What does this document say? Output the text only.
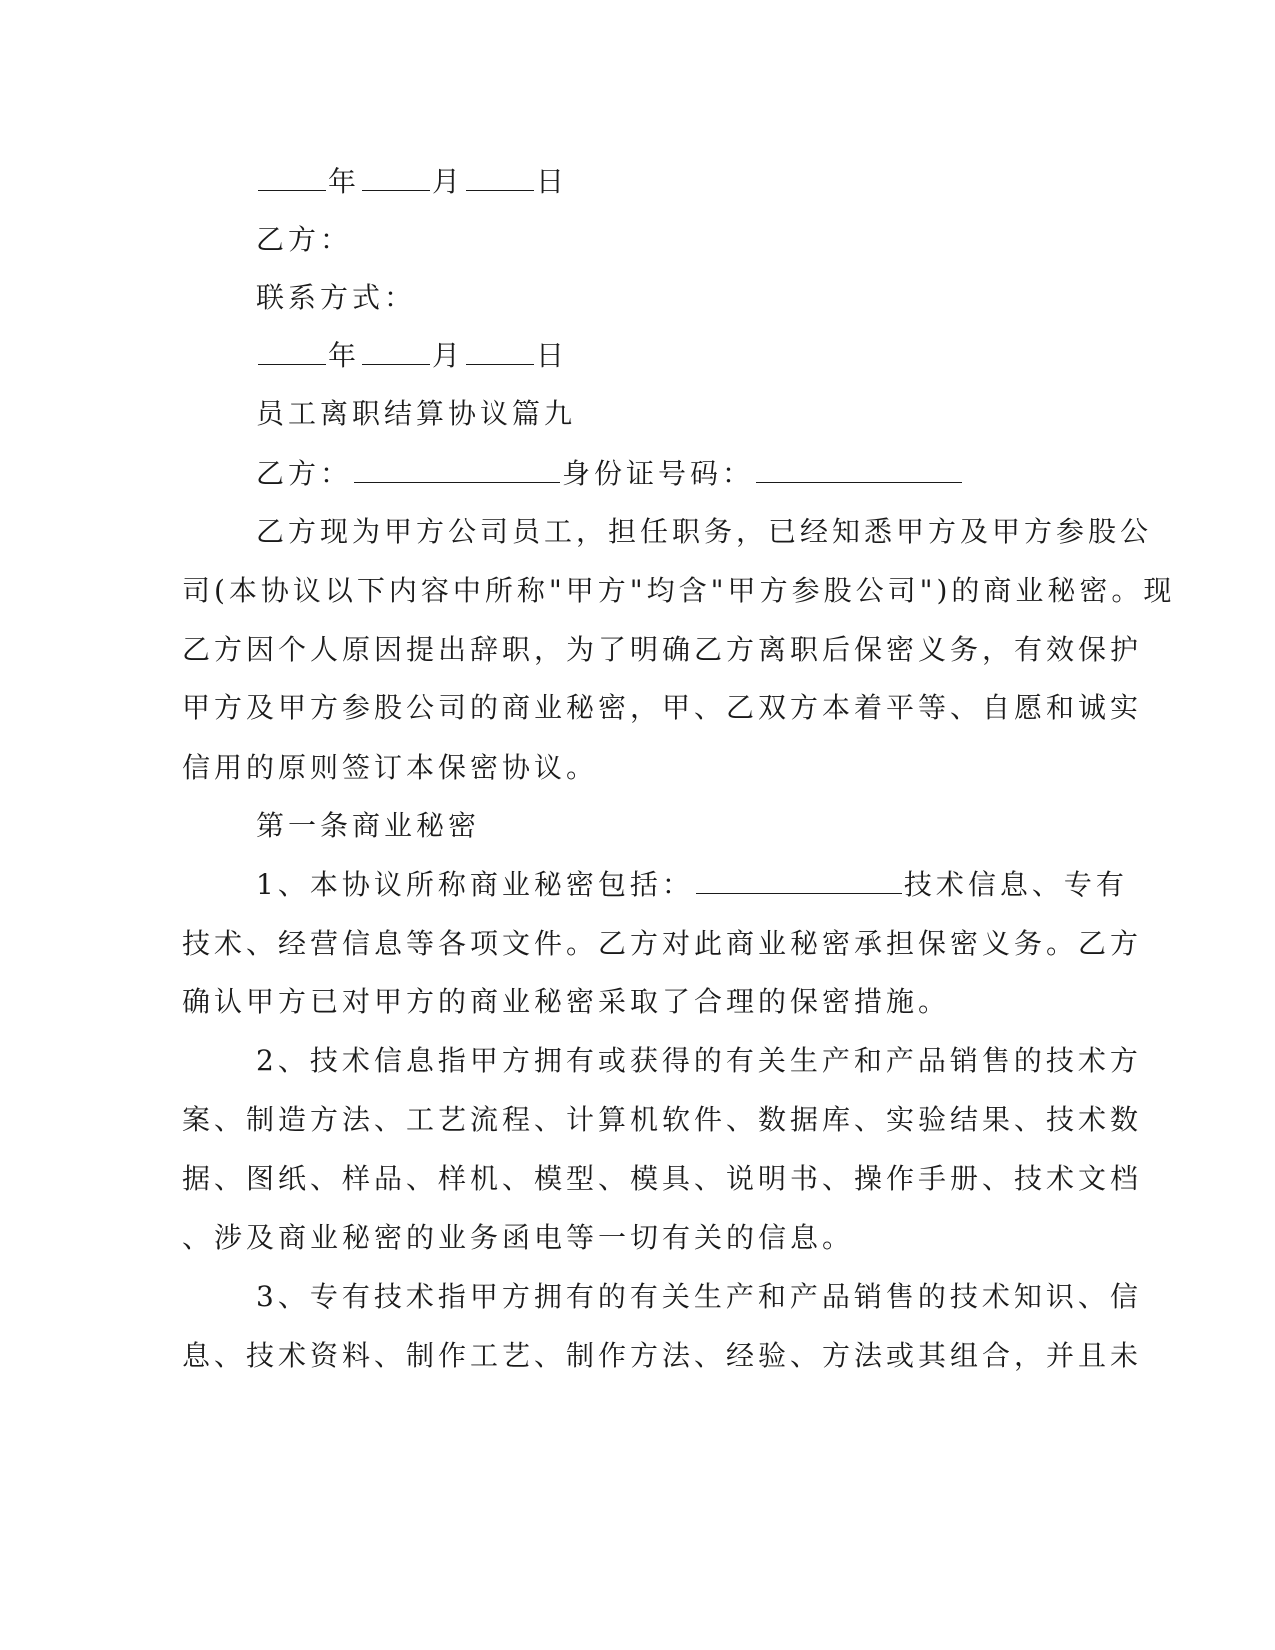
年	月	日
乙方：
联系方式：
年	月	日
员工离职结算协议篇九
乙方：	身份证号码：
乙方现为甲方公司员工，担任职务，已经知悉甲方及甲方参股公
司(本协议以下内容中所称"甲方"均含"甲方参股公司")的商业秘密。现
乙方因个人原因提出辞职，为了明确乙方离职后保密义务，有效保护
甲方及甲方参股公司的商业秘密，甲、乙双方本着平等、自愿和诚实
信用的原则签订本保密协议。
第一条商业秘密
1、本协议所称商业秘密包括：	技术信息、专有
技术、经营信息等各项文件。乙方对此商业秘密承担保密义务。乙方
确认甲方已对甲方的商业秘密采取了合理的保密措施。
2、技术信息指甲方拥有或获得的有关生产和产品销售的技术方
案、制造方法、工艺流程、计算机软件、数据库、实验结果、技术数
据、图纸、样品、样机、模型、模具、说明书、操作手册、技术文档
、涉及商业秘密的业务函电等一切有关的信息。
3、专有技术指甲方拥有的有关生产和产品销售的技术知识、信
息、技术资料、制作工艺、制作方法、经验、方法或其组合，并且未
